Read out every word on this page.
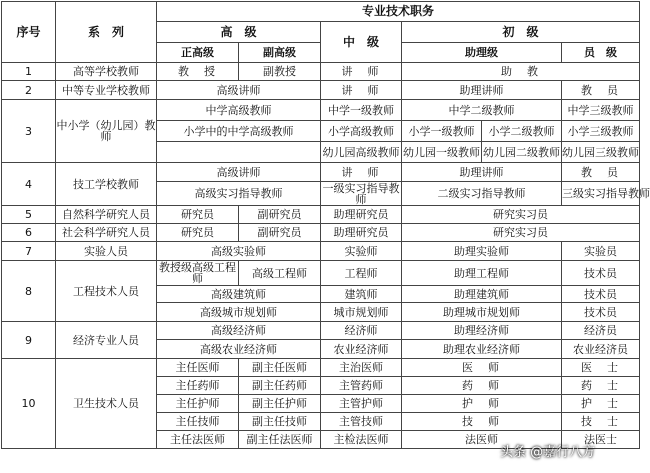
序号	系　列	专业技术职务					
		高　级		中　级	初　级		
		正高级	副高级		助理级		员　级
1	高等学校教师	教　授	副教授	讲　师	助　教		
2	中等专业学校教师	高级讲师		讲　师	助理讲师		教　员
3	中小学（幼儿园）教师	中学高级教师		中学一级教师	中学二级教师		中学三级教师
		小学中的中学高级教师		小学高级教师	小学一级教师	小学二级教师	小学三级教师
				幼儿园高级教师	幼儿园一级教师	幼儿园二级教师	幼儿园三级教师
4	技工学校教师	高级讲师		讲　师	助理讲师		教　员
		高级实习指导教师		一级实习指导教师	二级实习指导教师		三级实习指导教师
5	自然科学研究人员	研究员	副研究员	助理研究员	研究实习员		
6	社会科学研究人员	研究员	副研究员	助理研究员	研究实习员		
7	实验人员	高级实验师		实验师	助理实验师		实验员
8	工程技术人员	教授级高级工程师	高级工程师	工程师	助理工程师		技术员
		高级建筑师		建筑师	助理建筑师		技术员
		高级城市规划师		城市规划师	助理城市规划师		技术员
9	经济专业人员	高级经济师		经济师	助理经济师		经济员
		高级农业经济师		农业经济师	助理农业经济师		农业经济员
10	卫生技术人员	主任医师	副主任医师	主治医师	医　师		医　士
		主任药师	副主任药师	主管药师	药　师		药　士
		主任护师	副主任护师	主管护师	护　师		护　士
		主任技师	副主任技师	主管技师	技　师		技　士
		主任法医师	副主任法医师	主检法医师	法医师		法医士
头条 @嘉行八方
